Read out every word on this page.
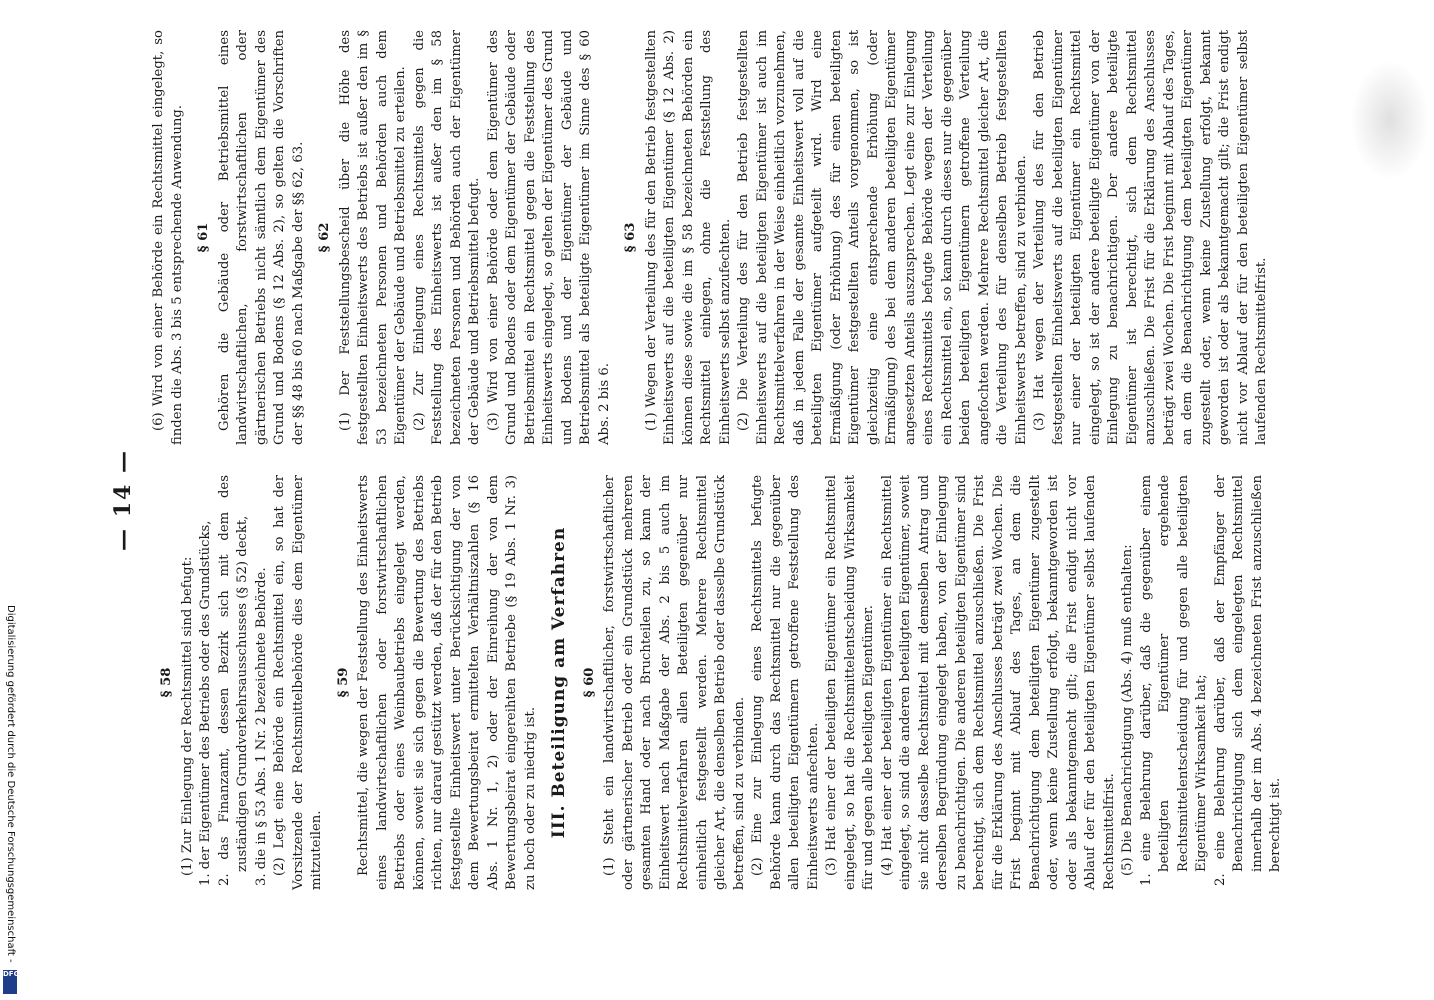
— 14 —
§ 58 (1) Zur Einlegung der Rechtsmittel sind befugt: 1. der Eigentümer des Betriebs oder des Grundstücks, 2. das Finanzamt, dessen Bezirk sich mit dem des zuständigen Grundverkehrsausschusses (§ 52) deckt, 3. die in § 53 Abs. 1 Nr. 2 bezeichnete Behörde. (2) Legt eine Behörde ein Rechtsmittel ein, so hat der Vorsitzende der Rechtsmittelbehörde dies dem Eigentümer mitzuteilen.

§ 59 Rechtsmittel, die wegen der Feststellung des Einheitswerts eines landwirtschaftlichen oder forstwirtschaftlichen Betriebs oder eines Weinbaubetriebs eingelegt werden, können, soweit sie sich gegen die Bewertung des Betriebs richten, nur darauf gestützt werden, daß der für den Betrieb festgestellte Einheitswert unter Berücksichtigung der von dem Bewertungsbeirat ermittelten Verhältniszahlen (§ 16 Abs. 1 Nr. 1, 2) oder der Einreihung der von dem Bewertungsbeirat eingereihten Betriebe (§ 19 Abs. 1 Nr. 3) zu hoch oder zu niedrig ist. III. Beteiligung am Verfahren § 60 (1) Steht ein landwirtschaftlicher, forstwirtschaftlicher oder gärtnerischer Betrieb oder ein Grundstück mehreren gesamten Hand oder nach Bruchteilen zu, so kann der Einheitswert nach Maßgabe der Abs. 2 bis 5 auch im Rechtsmittelverfahren allen Beteiligten gegenüber nur einheitlich festgestellt werden. Mehrere Rechtsmittel gleicher Art, die denselben Betrieb oder dasselbe Grundstück betreffen, sind zu verbinden. (2) Eine zur Einlegung eines Rechtsmittels befugte Behörde kann durch das Rechtsmittel nur die gegenüber allen beteiligten Eigentümern getroffene Feststellung des Einheitswerts anfechten. (3) Hat einer der beteiligten Eigentümer ein Rechtsmittel eingelegt, so hat die Rechtsmittelentscheidung Wirksamkeit für und gegen alle beteiligten Eigentümer. (4) Hat einer der beteiligten Eigentümer ein Rechtsmittel eingelegt, so sind die anderen beteiligten Eigentümer, soweit sie nicht dasselbe Rechtsmittel mit demselben Antrag und derselben Begründung eingelegt haben, von der Einlegung zu benachrichtigen. Die anderen beteiligten Eigentümer sind berechtigt, sich dem Rechtsmittel anzuschließen. Die Frist für die Erklärung des Anschlusses beträgt zwei Wochen. Die Frist beginnt mit Ablauf des Tages, an dem die Benachrichtigung dem beteiligten Eigentümer zugestellt oder, wenn keine Zustellung erfolgt, bekanntgeworden ist oder als bekanntgemacht gilt; die Frist endigt nicht vor Ablauf der für den beteiligten Eigentümer selbst laufenden Rechtsmittelfrist. (5) Die Benachrichtigung (Abs. 4) muß enthalten: 1. eine Belehrung darüber, daß die gegenüber einem beteiligten Eigentümer ergehende Rechtsmittelentscheidung für und gegen alle beteiligten Eigentümer Wirksamkeit hat; 2. eine Belehrung darüber, daß der Empfänger der Benachrichtigung sich dem eingelegten Rechtsmittel innerhalb der im Abs. 4 bezeichneten Frist anzuschließen berechtigt ist.

(6) Wird von einer Behörde ein Rechtsmittel eingelegt, so finden die Abs. 3 bis 5 entsprechende Anwendung. § 61 Gehören die Gebäude oder Betriebsmittel eines landwirtschaftlichen, forstwirtschaftlichen oder gärtnerischen Betriebs nicht sämtlich dem Eigentümer des Grund und Bodens (§ 12 Abs. 2), so gelten die Vorschriften der §§ 48 bis 60 nach Maßgabe der §§ 62, 63. § 62 (1) Der Feststellungsbescheid über die Höhe des festgestellten Einheitswerts des Betriebs ist außer den im § 53 bezeichneten Personen und Behörden auch dem Eigentümer der Gebäude und Betriebsmittel zu erteilen. (2) Zur Einlegung eines Rechtsmittels gegen die Feststellung des Einheitswerts ist außer den im § 58 bezeichneten Personen und Behörden auch der Eigentümer der Gebäude und Betriebsmittel befugt. (3) Wird von einer Behörde oder dem Eigentümer des Grund und Bodens oder dem Eigentümer der Gebäude oder Betriebsmittel ein Rechtsmittel gegen die Feststellung des Einheitswerts eingelegt, so gelten der Eigentümer des Grund und Bodens und der Eigentümer der Gebäude und Betriebsmittel als beteiligte Eigentümer im Sinne des § 60 Abs. 2 bis 6.

§ 63 (1) Wegen der Verteilung des für den Betrieb festgestellten Einheitswerts auf die beteiligten Eigentümer (§ 12 Abs. 2) können diese sowie die im § 58 bezeichneten Behörden ein Rechtsmittel einlegen, ohne die Feststellung des Einheitswerts selbst anzufechten. (2) Die Verteilung des für den Betrieb festgestellten Einheitswerts auf die beteiligten Eigentümer ist auch im Rechtsmittelverfahren in der Weise einheitlich vorzunehmen, daß in jedem Falle der gesamte Einheitswert voll auf die beteiligten Eigentümer aufgeteilt wird. Wird eine Ermäßigung (oder Erhöhung) des für einen beteiligten Eigentümer festgestellten Anteils vorgenommen, so ist gleichzeitig eine entsprechende Erhöhung (oder Ermäßigung) des bei dem anderen beteiligten Eigentümer angesetzten Anteils auszusprechen. Legt eine zur Einlegung eines Rechtsmittels befugte Behörde wegen der Verteilung ein Rechtsmittel ein, so kann durch dieses nur die gegenüber beiden beteiligten Eigentümern getroffene Verteilung angefochten werden. Mehrere Rechtsmittel gleicher Art, die die Verteilung des für denselben Betrieb festgestellten Einheitswerts betreffen, sind zu verbinden. (3) Hat wegen der Verteilung des für den Betrieb festgestellten Einheitswerts auf die beteiligten Eigentümer nur einer der beteiligten Eigentümer ein Rechtsmittel eingelegt, so ist der andere beteiligte Eigentümer von der Einlegung zu benachrichtigen. Der andere beteiligte Eigentümer ist berechtigt, sich dem Rechtsmittel anzuschließen. Die Frist für die Erklärung des Anschlusses beträgt zwei Wochen. Die Frist beginnt mit Ablauf des Tages, an dem die Benachrichtigung dem beteiligten Eigentümer zugestellt oder, wenn keine Zustellung erfolgt, bekannt geworden ist oder als bekanntgemacht gilt; die Frist endigt nicht vor Ablauf der für den beteiligten Eigentümer selbst laufenden Rechtsmittelfrist.

Digitalisierung gefördert durch die Deutsche Forschungsgemeinschaft -
DFG
